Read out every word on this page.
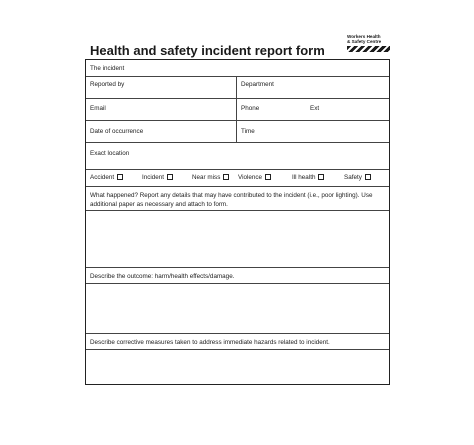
Health and safety incident report form
Workers Health
& Safety Centre
The incident
Reported by	Department
Email	Phone	Ext
Date of occurrence	Time
Exact location
Accident	Incident	Near miss	Violence	Ill health	Safety
What happened? Report any details that may have contributed to the incident (i.e., poor lighting). Use additional paper as necessary and attach to form.
Describe the outcome: harm/health effects/damage.
Describe corrective measures taken to address immediate hazards related to incident.
